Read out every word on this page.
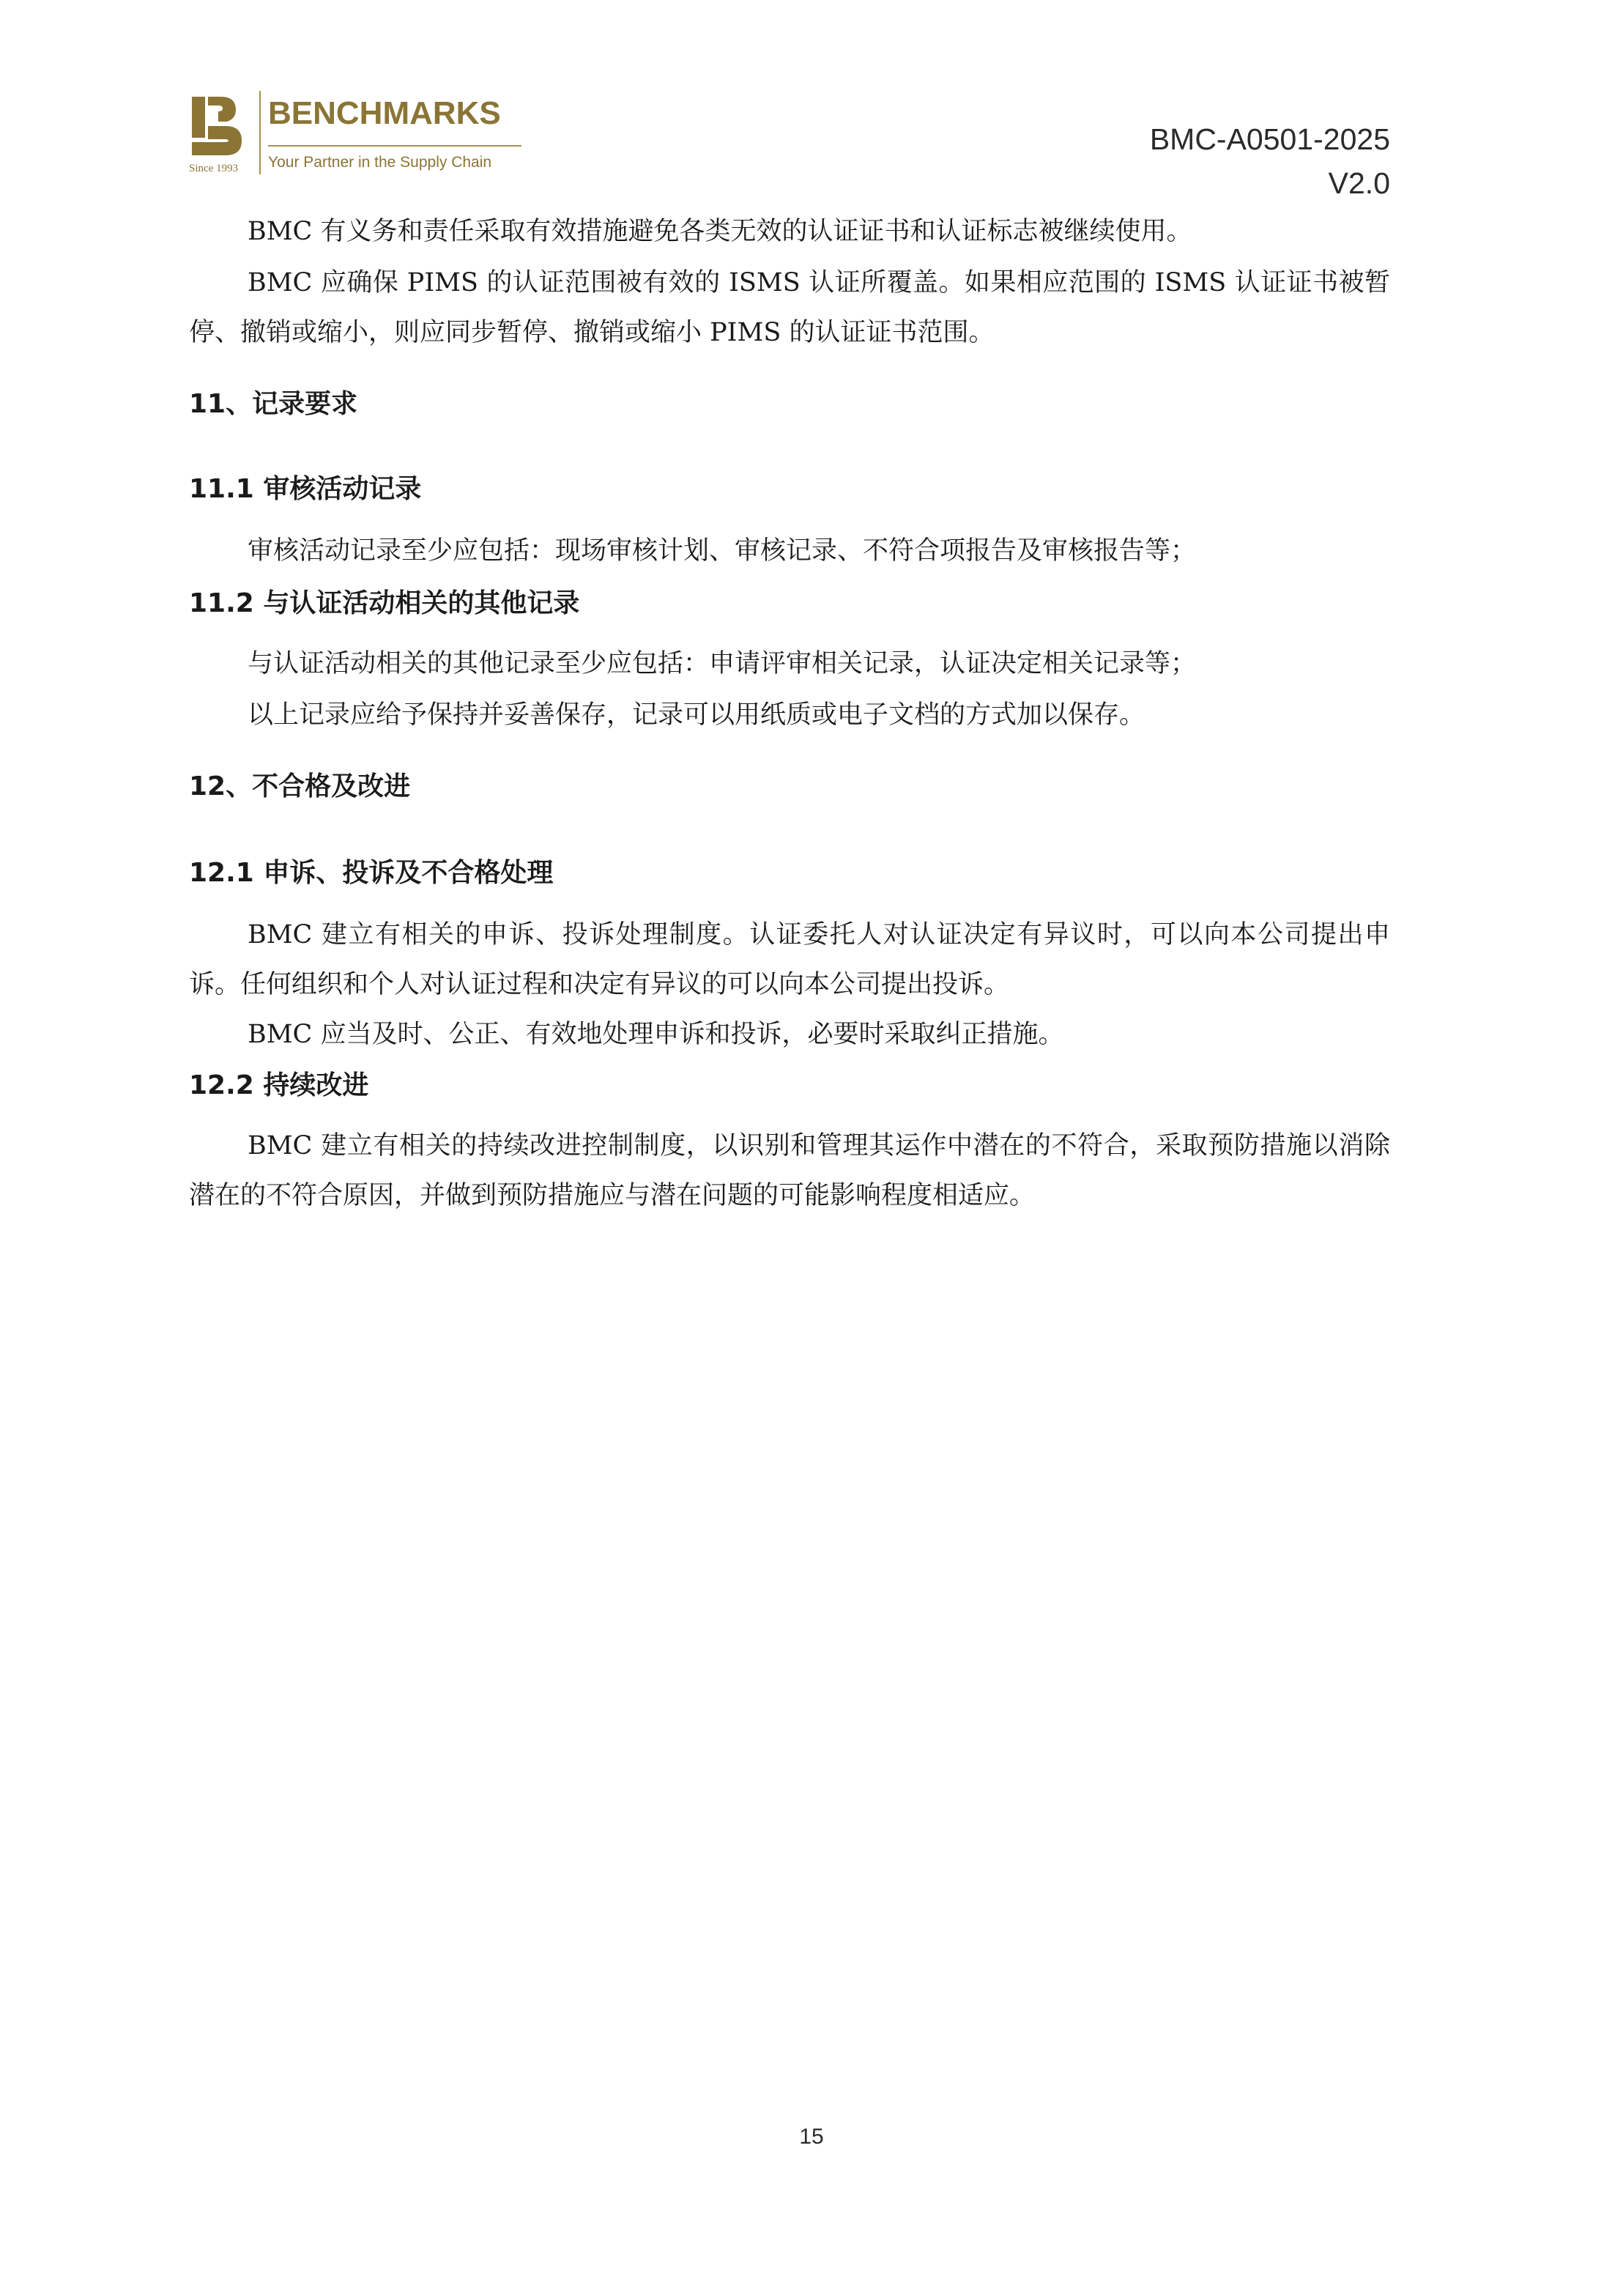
Since 1993
BENCHMARKS
Your Partner in the Supply Chain
BMC-A0501-2025
V2.0

BMC 有义务和责任采取有效措施避免各类无效的认证证书和认证标志被继续使用。

BMC 应确保 PIMS 的认证范围被有效的 ISMS 认证所覆盖。如果相应范围的 ISMS 认证证书被暂停、撤销或缩小，则应同步暂停、撤销或缩小 PIMS 的认证证书范围。

11、记录要求
11.1 审核活动记录

审核活动记录至少应包括：现场审核计划、审核记录、不符合项报告及审核报告等；

11.2 与认证活动相关的其他记录

与认证活动相关的其他记录至少应包括：申请评审相关记录，认证决定相关记录等；

以上记录应给予保持并妥善保存，记录可以用纸质或电子文档的方式加以保存。

12、不合格及改进
12.1 申诉、投诉及不合格处理

BMC 建立有相关的申诉、投诉处理制度。认证委托人对认证决定有异议时，可以向本公司提出申诉。任何组织和个人对认证过程和决定有异议的可以向本公司提出投诉。

BMC 应当及时、公正、有效地处理申诉和投诉，必要时采取纠正措施。

12.2 持续改进

BMC 建立有相关的持续改进控制制度，以识别和管理其运作中潜在的不符合，采取预防措施以消除潜在的不符合原因，并做到预防措施应与潜在问题的可能影响程度相适应。

15
